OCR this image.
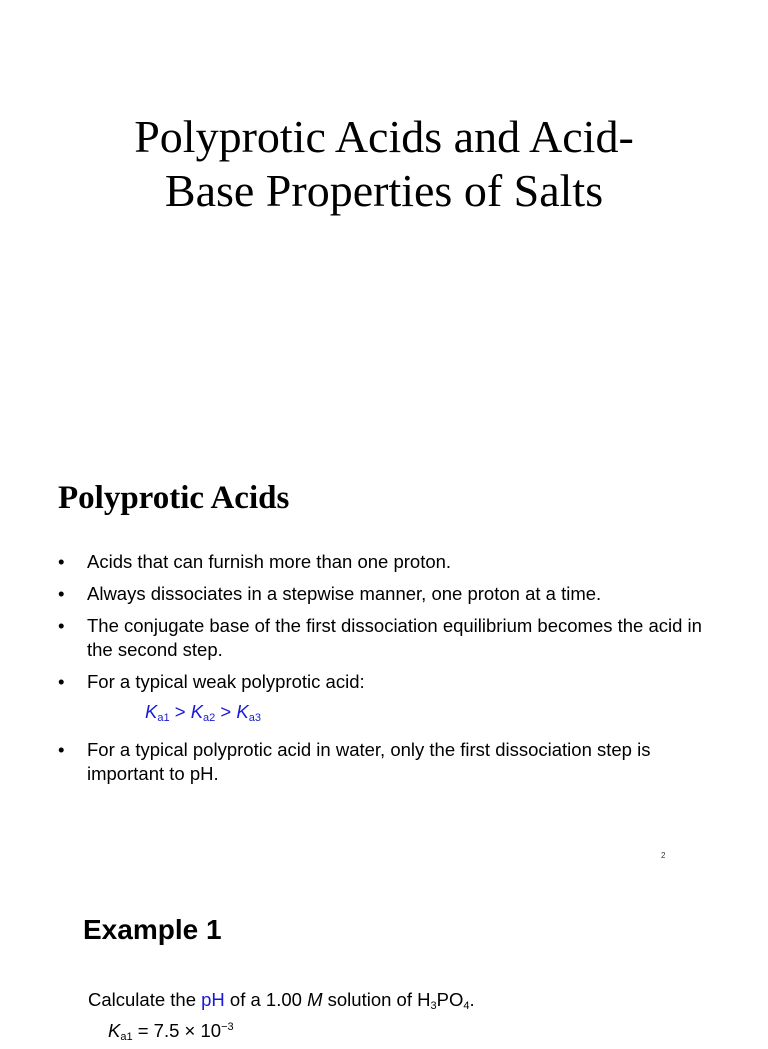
Polyprotic Acids and Acid-
Base Properties of Salts
Polyprotic Acids
• Acids that can furnish more than one proton.
• Always dissociates in a stepwise manner, one proton at a time.
• The conjugate base of the first dissociation equilibrium becomes the acid in the second step.
• For a typical weak polyprotic acid:
$K_{a1} > K_{a2} > K_{a3}$
• For a typical polyprotic acid in water, only the first dissociation step is important to pH.
2
Example 1

Calculate the pH of a 1.00 M solution of $H_3PO_4$.

$K_{a1} = 7.5 \times 10^{-3}$
